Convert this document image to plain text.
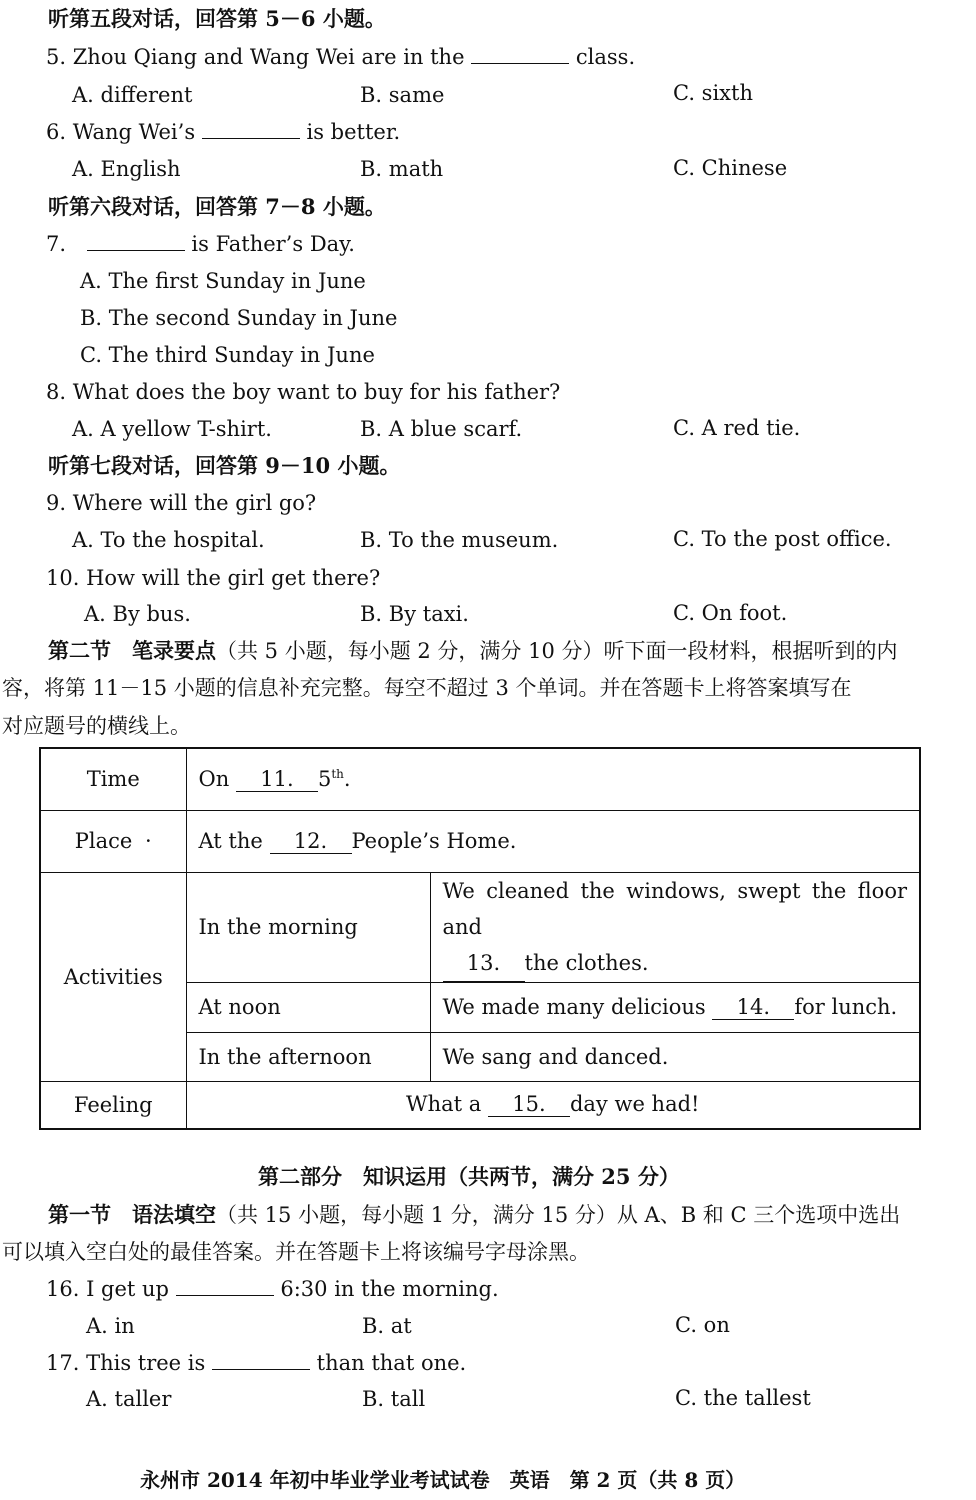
听第五段对话，回答第 5－6 小题。
5. Zhou Qiang and Wang Wei are in the	class.
A. different	B. same	C. sixth
6. Wang Wei’s	is better.
A. English	B. math	C. Chinese
听第六段对话，回答第 7－8 小题。
7.	is Father’s Day.
A. The first Sunday in June
B. The second Sunday in June
C. The third Sunday in June
8. What does the boy want to buy for his father?
A. A yellow T-shirt.	B. A blue scarf.	C. A red tie.
听第七段对话，回答第 9－10 小题。
9. Where will the girl go?
A. To the hospital.	B. To the museum.	C. To the post office.
10. How will the girl get there?
A. By bus.	B. By taxi.	C. On foot.
第二节　笔录要点（共 5 小题，每小题 2 分，满分 10 分）听下面一段材料，根据听到的内
容，将第 11－15 小题的信息补充完整。每空不超过 3 个单词。并在答题卡上将答案填写在
对应题号的横线上。
Time	On 11. 5th.	
Place ·	At the 12. People’s Home.	
Activities	In the morning	We cleaned the windows, swept the floor and
13. the clothes.

	At noon	We made many delicious 14. for lunch.
	In the afternoon	We sang and danced.
Feeling	What a 15. day we had!	
第二部分　知识运用（共两节，满分 25 分）
第一节　语法填空（共 15 小题，每小题 1 分，满分 15 分）从 A、B 和 C 三个选项中选出
可以填入空白处的最佳答案。并在答题卡上将该编号字母涂黑。
16. I get up	6:30 in the morning.
A. in	B. at	C. on
17. This tree is	than that one.
A. taller	B. tall	C. the tallest
永州市 2014 年初中毕业学业考试试卷　英语　第 2 页（共 8 页）
